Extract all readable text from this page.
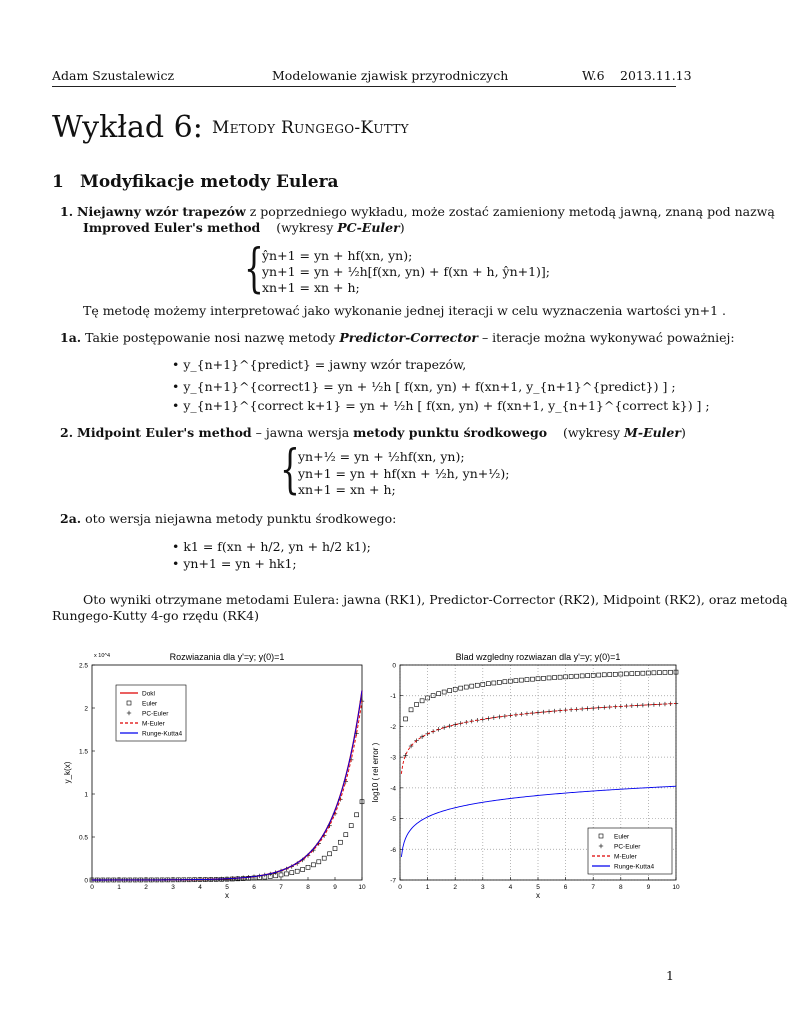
Adam Szustalewicz	Modelowanie zjawisk przyrodniczych	W.6 2013.11.13
Wykład 6: Metody Rungego-Kutty
1 Modyfikacje metody Eulera
1. Niejawny wzór trapezów z poprzedniego wykładu, może zostać zamieniony metodą jawną, znaną pod nazwą
Improved Euler's method (wykresy PC-Euler)
{
ŷn+1 = yn + hf(xn, yn);
yn+1 = yn + ½h[f(xn, yn) + f(xn + h, ŷn+1)];
xn+1 = xn + h;
Tę metodę możemy interpretować jako wykonanie jednej iteracji w celu wyznaczenia wartości yn+1 .
1a. Takie postępowanie nosi nazwę metody Predictor-Corrector – iteracje można wykonywać poważniej:
• y_{n+1}^{predict} = jawny wzór trapezów,
• y_{n+1}^{correct1} = yn + ½h [ f(xn, yn) + f(xn+1, y_{n+1}^{predict}) ] ;
• y_{n+1}^{correct k+1} = yn + ½h [ f(xn, yn) + f(xn+1, y_{n+1}^{correct k}) ] ;
2. Midpoint Euler's method – jawna wersja metody punktu środkowego (wykresy M-Euler)
{
yn+½ = yn + ½hf(xn, yn);
yn+1 = yn + hf(xn + ½h, yn+½);
xn+1 = xn + h;
2a. oto wersja niejawna metody punktu środkowego:
• k1 = f(xn + h/2, yn + h/2 k1);
• yn+1 = yn + hk1;
Oto wyniki otrzymane metodami Eulera: jawna (RK1), Predictor-Corrector (RK2), Midpoint (RK2), oraz metodą
Rungego-Kutty 4-go rzędu (RK4)
0	1	2	3	4	5	6	7	8	9	10
0
0.5
1
1.5
2
2.5
Rozwiazania dla y'=y; y(0)=1
x
y_k(x)
x 10^4
Dokl
Euler
PC-Euler
M-Euler
Runge-Kutta4
0	1	2	3	4	5	6	7	8	9	10
0
-1
-2
-3
-4
-5
-6
-7
Blad wzgledny rozwiazan dla y'=y; y(0)=1
x
log10 ( rel error )
Euler
PC-Euler
M-Euler
Runge-Kutta4
1
